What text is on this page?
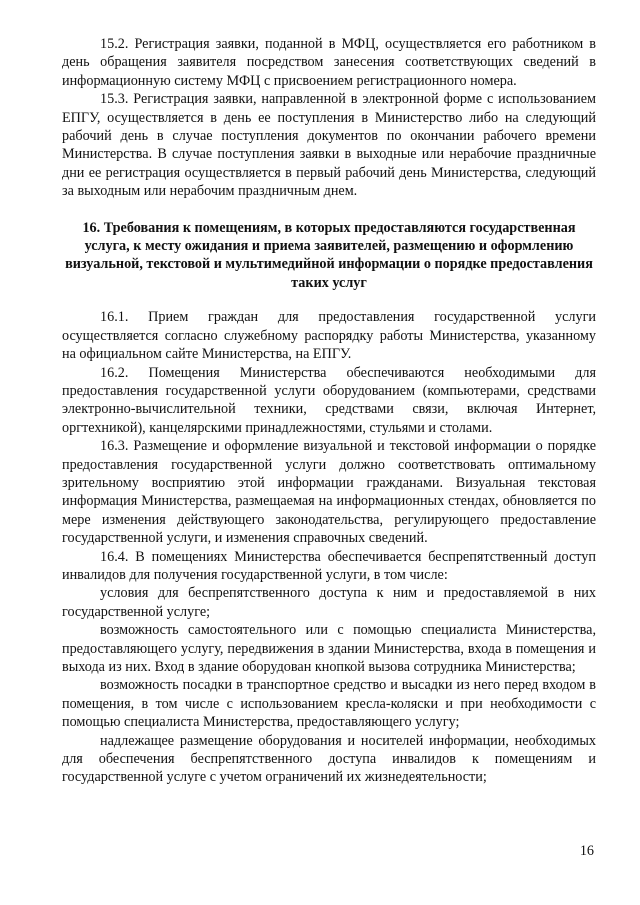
15.2. Регистрация заявки, поданной в МФЦ, осуществляется его работником в день обращения заявителя посредством занесения соответствующих сведений в информационную систему МФЦ с присвоением регистрационного номера.

15.3. Регистрация заявки, направленной в электронной форме с использованием ЕПГУ, осуществляется в день ее поступления в Министерство либо на следующий рабочий день в случае поступления документов по окончании рабочего времени Министерства. В случае поступления заявки в выходные или нерабочие праздничные дни ее регистрация осуществляется в первый рабочий день Министерства, следующий за выходным или нерабочим праздничным днем.

16. Требования к помещениям, в которых предоставляются государственная услуга, к месту ожидания и приема заявителей, размещению и оформлению визуальной, текстовой и мультимедийной информации о порядке предоставления таких услуг

16.1. Прием граждан для предоставления государственной услуги осуществляется согласно служебному распорядку работы Министерства, указанному на официальном сайте Министерства, на ЕПГУ.

16.2. Помещения Министерства обеспечиваются необходимыми для предоставления государственной услуги оборудованием (компьютерами, средствами электронно-вычислительной техники, средствами связи, включая Интернет, оргтехникой), канцелярскими принадлежностями, стульями и столами.

16.3. Размещение и оформление визуальной и текстовой информации о порядке предоставления государственной услуги должно соответствовать оптимальному зрительному восприятию этой информации гражданами. Визуальная текстовая информация Министерства, размещаемая на информационных стендах, обновляется по мере изменения действующего законодательства, регулирующего предоставление государственной услуги, и изменения справочных сведений.

16.4. В помещениях Министерства обеспечивается беспрепятственный доступ инвалидов для получения государственной услуги, в том числе:

условия для беспрепятственного доступа к ним и предоставляемой в них государственной услуге;

возможность самостоятельного или с помощью специалиста Министерства, предоставляющего услугу, передвижения в здании Министерства, входа в помещения и выхода из них. Вход в здание оборудован кнопкой вызова сотрудника Министерства;

возможность посадки в транспортное средство и высадки из него перед входом в помещения, в том числе с использованием кресла-коляски и при необходимости с помощью специалиста Министерства, предоставляющего услугу;

надлежащее размещение оборудования и носителей информации, необходимых для обеспечения беспрепятственного доступа инвалидов к помещениям и государственной услуге с учетом ограничений их жизнедеятельности;

16
